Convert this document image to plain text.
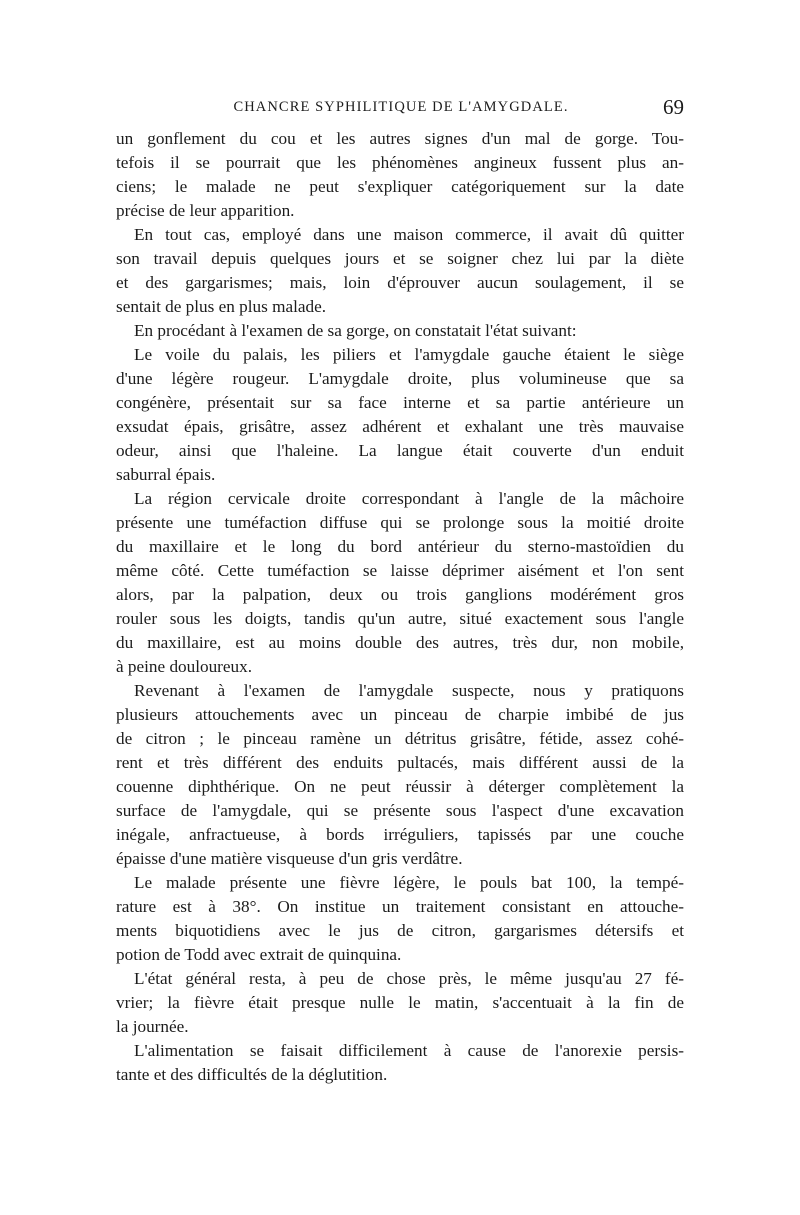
CHANCRE SYPHILITIQUE DE L'AMYGDALE.	69
un gonflement du cou et les autres signes d'un mal de gorge. Tou-
tefois il se pourrait que les phénomènes angineux fussent plus an-
ciens; le malade ne peut s'expliquer catégoriquement sur la date
précise de leur apparition.
En tout cas, employé dans une maison commerce, il avait dû quitter
son travail depuis quelques jours et se soigner chez lui par la diète
et des gargarismes; mais, loin d'éprouver aucun soulagement, il se
sentait de plus en plus malade.
En procédant à l'examen de sa gorge, on constatait l'état suivant:
Le voile du palais, les piliers et l'amygdale gauche étaient le siège
d'une légère rougeur. L'amygdale droite, plus volumineuse que sa
congénère, présentait sur sa face interne et sa partie antérieure un
exsudat épais, grisâtre, assez adhérent et exhalant une très mauvaise
odeur, ainsi que l'haleine. La langue était couverte d'un enduit
saburral épais.
La région cervicale droite correspondant à l'angle de la mâchoire
présente une tuméfaction diffuse qui se prolonge sous la moitié droite
du maxillaire et le long du bord antérieur du sterno-mastoïdien du
même côté. Cette tuméfaction se laisse déprimer aisément et l'on sent
alors, par la palpation, deux ou trois ganglions modérément gros
rouler sous les doigts, tandis qu'un autre, situé exactement sous l'angle
du maxillaire, est au moins double des autres, très dur, non mobile,
à peine douloureux.
Revenant à l'examen de l'amygdale suspecte, nous y pratiquons
plusieurs attouchements avec un pinceau de charpie imbibé de jus
de citron ; le pinceau ramène un détritus grisâtre, fétide, assez cohé-
rent et très différent des enduits pultacés, mais différent aussi de la
couenne diphthérique. On ne peut réussir à déterger complètement la
surface de l'amygdale, qui se présente sous l'aspect d'une excavation
inégale, anfractueuse, à bords irréguliers, tapissés par une couche
épaisse d'une matière visqueuse d'un gris verdâtre.
Le malade présente une fièvre légère, le pouls bat 100, la tempé-
rature est à 38°. On institue un traitement consistant en attouche-
ments biquotidiens avec le jus de citron, gargarismes détersifs et
potion de Todd avec extrait de quinquina.
L'état général resta, à peu de chose près, le même jusqu'au 27 fé-
vrier; la fièvre était presque nulle le matin, s'accentuait à la fin de
la journée.
L'alimentation se faisait difficilement à cause de l'anorexie persis-
tante et des difficultés de la déglutition.
